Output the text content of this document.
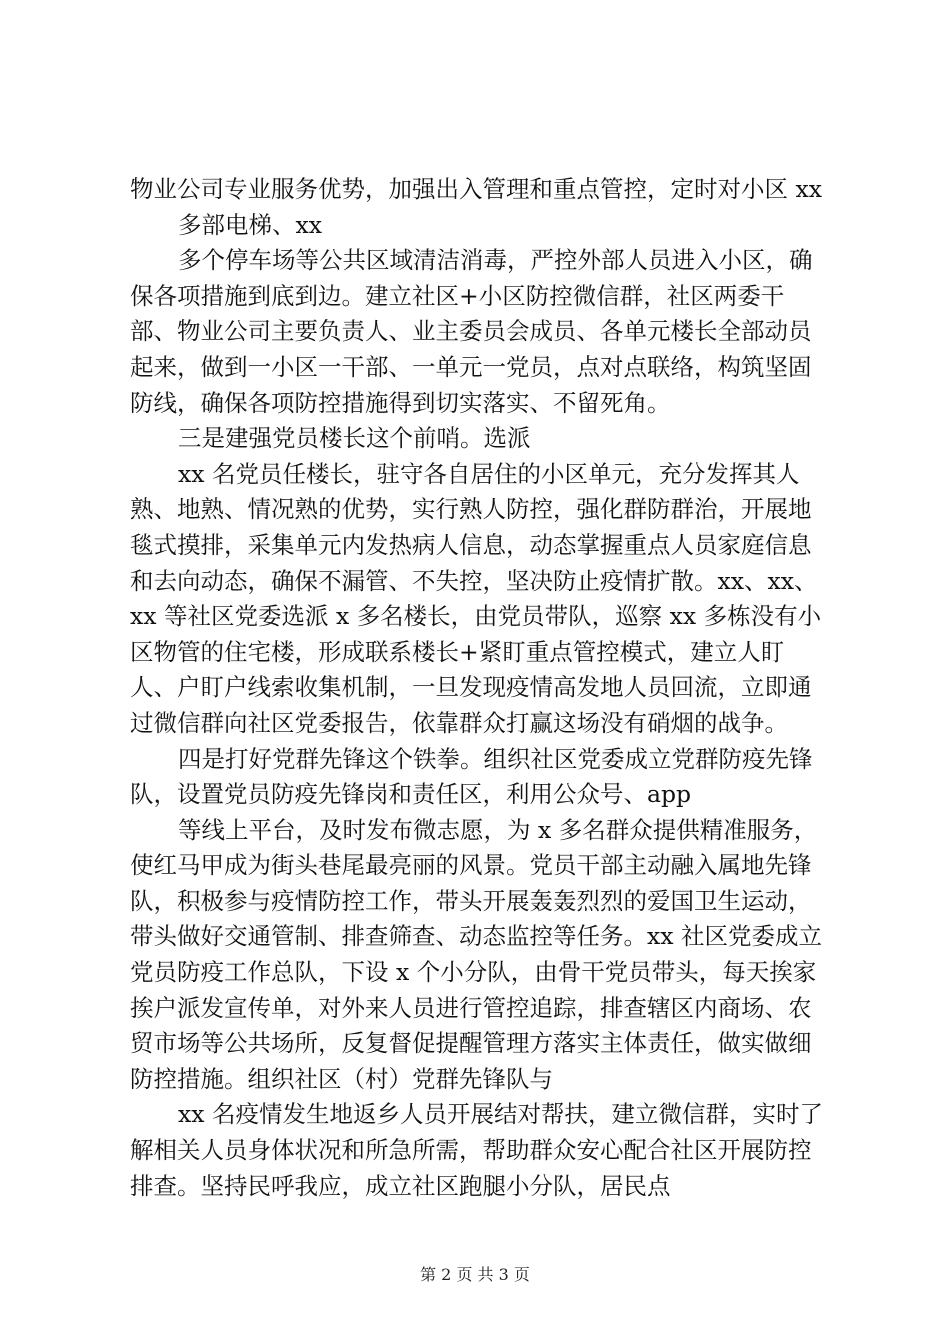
物业公司专业服务优势，加强出入管理和重点管控，定时对小区 xx

多部电梯、xx

多个停车场等公共区域清洁消毒，严控外部人员进入小区，确保各项措施到底到边。建立社区+小区防控微信群，社区两委干部、物业公司主要负责人、业主委员会成员、各单元楼长全部动员起来，做到一小区一干部、一单元一党员，点对点联络，构筑坚固防线，确保各项防控措施得到切实落实、不留死角。

三是建强党员楼长这个前哨。选派

xx 名党员任楼长，驻守各自居住的小区单元，充分发挥其人熟、地熟、情况熟的优势，实行熟人防控，强化群防群治，开展地毯式摸排，采集单元内发热病人信息，动态掌握重点人员家庭信息和去向动态，确保不漏管、不失控，坚决防止疫情扩散。xx、xx、xx 等社区党委选派 x 多名楼长，由党员带队，巡察 xx 多栋没有小区物管的住宅楼，形成联系楼长+紧盯重点管控模式，建立人盯人、户盯户线索收集机制，一旦发现疫情高发地人员回流，立即通过微信群向社区党委报告，依靠群众打赢这场没有硝烟的战争。

四是打好党群先锋这个铁拳。组织社区党委成立党群防疫先锋队，设置党员防疫先锋岗和责任区，利用公众号、app

等线上平台，及时发布微志愿，为 x 多名群众提供精准服务，使红马甲成为街头巷尾最亮丽的风景。党员干部主动融入属地先锋队，积极参与疫情防控工作，带头开展轰轰烈烈的爱国卫生运动，带头做好交通管制、排查筛查、动态监控等任务。xx 社区党委成立党员防疫工作总队，下设 x 个小分队，由骨干党员带头，每天挨家挨户派发宣传单，对外来人员进行管控追踪，排查辖区内商场、农贸市场等公共场所，反复督促提醒管理方落实主体责任，做实做细防控措施。组织社区（村）党群先锋队与

xx 名疫情发生地返乡人员开展结对帮扶，建立微信群，实时了解相关人员身体状况和所急所需，帮助群众安心配合社区开展防控排查。坚持民呼我应，成立社区跑腿小分队，居民点

第 2 页 共 3 页
